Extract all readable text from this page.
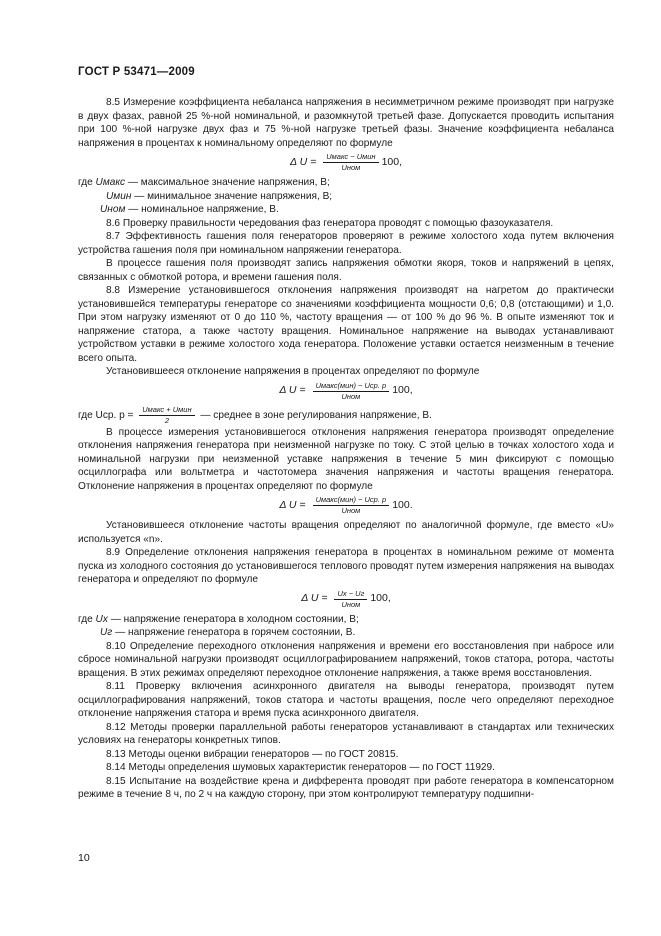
ГОСТ Р 53471—2009

8.5 Измерение коэффициента небаланса напряжения в несимметричном режиме производят при нагрузке в двух фазах, равной 25 %-ной номинальной, и разомкнутой третьей фазе. Допускается проводить испытания при 100 %-ной нагрузке двух фаз и 75 %-ной нагрузке третьей фазы. Значение коэффициента небаланса напряжения в процентах к номинальному определяют по формуле

Δ $U = \frac{\text{Uмакс − Uмин}}{\text{Uном}} 100$,

где Uмакс — максимальное значение напряжения, В;

Uмин — минимальное значение напряжения, В;

Uном — номинальное напряжение, В.

8.6 Проверку правильности чередования фаз генератора проводят с помощью фазоуказателя.

8.7 Эффективность гашения поля генераторов проверяют в режиме холостого хода путем включения устройства гашения поля при номинальном напряжении генератора.

В процессе гашения поля производят запись напряжения обмотки якоря, токов и напряжений в цепях, связанных с обмоткой ротора, и времени гашения поля.

8.8 Измерение установившегося отклонения напряжения производят на нагретом до практически установившейся температуры генераторе со значениями коэффициента мощности 0,6; 0,8 (отстающими) и 1,0. При этом нагрузку изменяют от 0 до 110 %, частоту вращения — от 100 % до 96 %. В опыте изменяют ток и напряжение статора, а также частоту вращения. Номинальное напряжение на выводах устанавливают устройством уставки в режиме холостого хода генератора. Положение уставки остается неизменным в течение всего опыта.

Установившееся отклонение напряжения в процентах определяют по формуле

Δ $U = \frac{\text{Uмакс(мин) − Uср. р}}{\text{Uном}} 100$,

где Uср. $р = \frac{\text{Uмакс + Uмин}}{2}$ — среднее в зоне регулирования напряжение, В.

В процессе измерения установившегося отклонения напряжения генератора производят определение отклонения напряжения генератора при неизменной нагрузке по току. С этой целью в точках холостого хода и номинальной нагрузки при неизменной уставке напряжения в течение 5 мин фиксируют с помощью осциллографа или вольтметра и частотомера значения напряжения и частоты вращения генератора. Отклонение напряжения в процентах определяют по формуле

Δ $U = \frac{\text{Uмакс(мин) − Uср. р}}{\text{Uном}} 100$.

Установившееся отклонение частоты вращения определяют по аналогичной формуле, где вместо «U» используется «n».

8.9 Определение отклонения напряжения генератора в процентах в номинальном режиме от момента пуска из холодного состояния до установившегося теплового проводят путем измерения напряжения на выводах генератора и определяют по формуле

Δ $U = \frac{Uх - Uг}{\text{Uном}} 100$,

где Uх — напряжение генератора в холодном состоянии, В;

Uг — напряжение генератора в горячем состоянии, В.

8.10 Определение переходного отклонения напряжения и времени его восстановления при набросе или сбросе номинальной нагрузки производят осциллографированием напряжений, токов статора, ротора, частоты вращения. В этих режимах определяют переходное отклонение напряжения, а также время восстановления.

8.11 Проверку включения асинхронного двигателя на выводы генератора, производят путем осциллографирования напряжений, токов статора и частоты вращения, после чего определяют переходное отклонение напряжения статора и время пуска асинхронного двигателя.

8.12 Методы проверки параллельной работы генераторов устанавливают в стандартах или технических условиях на генераторы конкретных типов.

8.13 Методы оценки вибрации генераторов — по ГОСТ 20815.

8.14 Методы определения шумовых характеристик генераторов — по ГОСТ 11929.

8.15 Испытание на воздействие крена и дифферента проводят при работе генератора в компенсаторном режиме в течение 8 ч, по 2 ч на каждую сторону, при этом контролируют температуру подшипни-

10
